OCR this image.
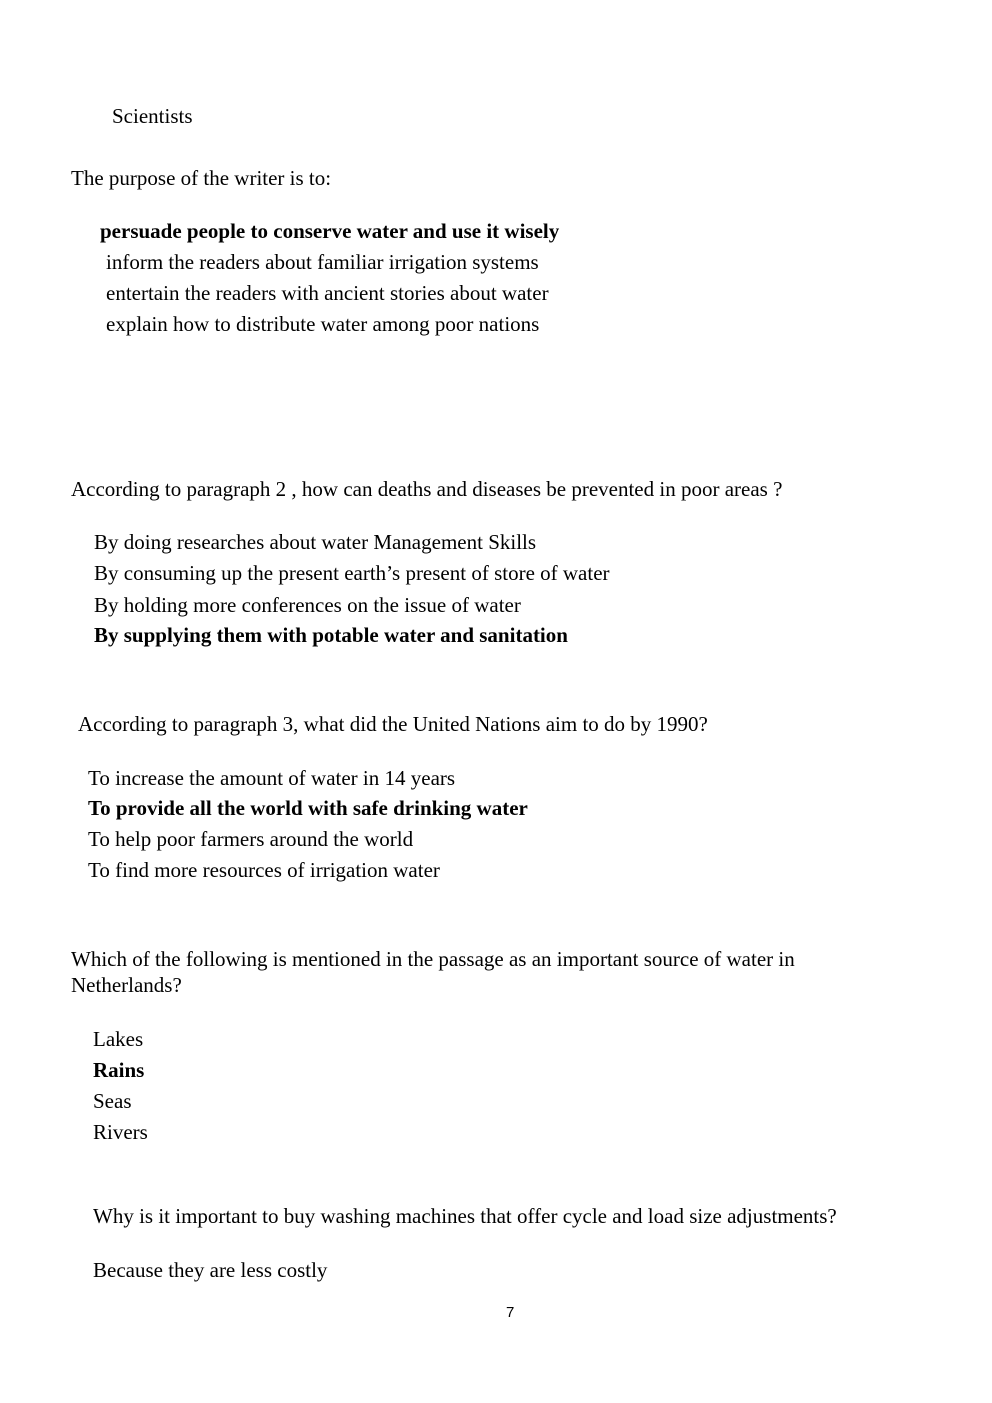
Scientists
The purpose of the writer is to:
persuade people to conserve water and use it wisely
inform the readers about familiar irrigation systems
entertain the readers with ancient stories about water
explain how to distribute water among poor nations
According to paragraph 2 , how can deaths and diseases be prevented in poor areas ?
By doing researches about water Management Skills
By consuming up the present earth’s present of store of water
By holding more conferences on the issue of water
By supplying them with potable water and sanitation
According to paragraph 3, what did the United Nations aim to do by 1990?
To increase the amount of water in 14 years
To provide all the world with safe drinking water
To help poor farmers around the world
To find more resources of irrigation water
Which of the following is mentioned in the passage as an important source of water in
Netherlands?
Lakes
Rains
Seas
Rivers
Why is it important to buy washing machines that offer cycle and load size adjustments?
Because they are less costly
7
